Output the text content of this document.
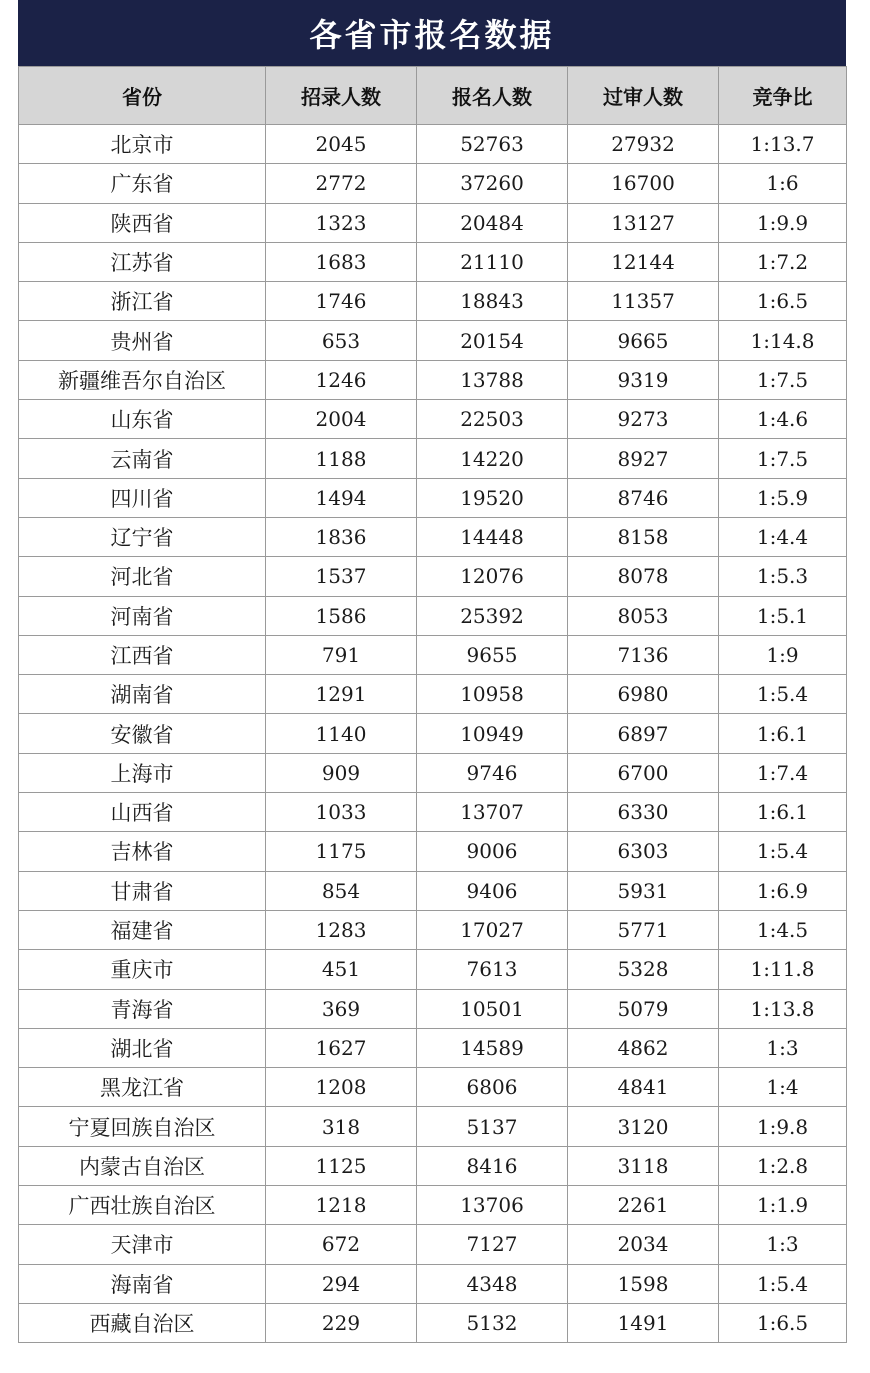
各省市报名数据
省份	招录人数	报名人数	过审人数	竞争比
北京市	2045	52763	27932	1:13.7
广东省	2772	37260	16700	1:6
陕西省	1323	20484	13127	1:9.9
江苏省	1683	21110	12144	1:7.2
浙江省	1746	18843	11357	1:6.5
贵州省	653	20154	9665	1:14.8
新疆维吾尔自治区	1246	13788	9319	1:7.5
山东省	2004	22503	9273	1:4.6
云南省	1188	14220	8927	1:7.5
四川省	1494	19520	8746	1:5.9
辽宁省	1836	14448	8158	1:4.4
河北省	1537	12076	8078	1:5.3
河南省	1586	25392	8053	1:5.1
江西省	791	9655	7136	1:9
湖南省	1291	10958	6980	1:5.4
安徽省	1140	10949	6897	1:6.1
上海市	909	9746	6700	1:7.4
山西省	1033	13707	6330	1:6.1
吉林省	1175	9006	6303	1:5.4
甘肃省	854	9406	5931	1:6.9
福建省	1283	17027	5771	1:4.5
重庆市	451	7613	5328	1:11.8
青海省	369	10501	5079	1:13.8
湖北省	1627	14589	4862	1:3
黑龙江省	1208	6806	4841	1:4
宁夏回族自治区	318	5137	3120	1:9.8
内蒙古自治区	1125	8416	3118	1:2.8
广西壮族自治区	1218	13706	2261	1:1.9
天津市	672	7127	2034	1:3
海南省	294	4348	1598	1:5.4
西藏自治区	229	5132	1491	1:6.5
